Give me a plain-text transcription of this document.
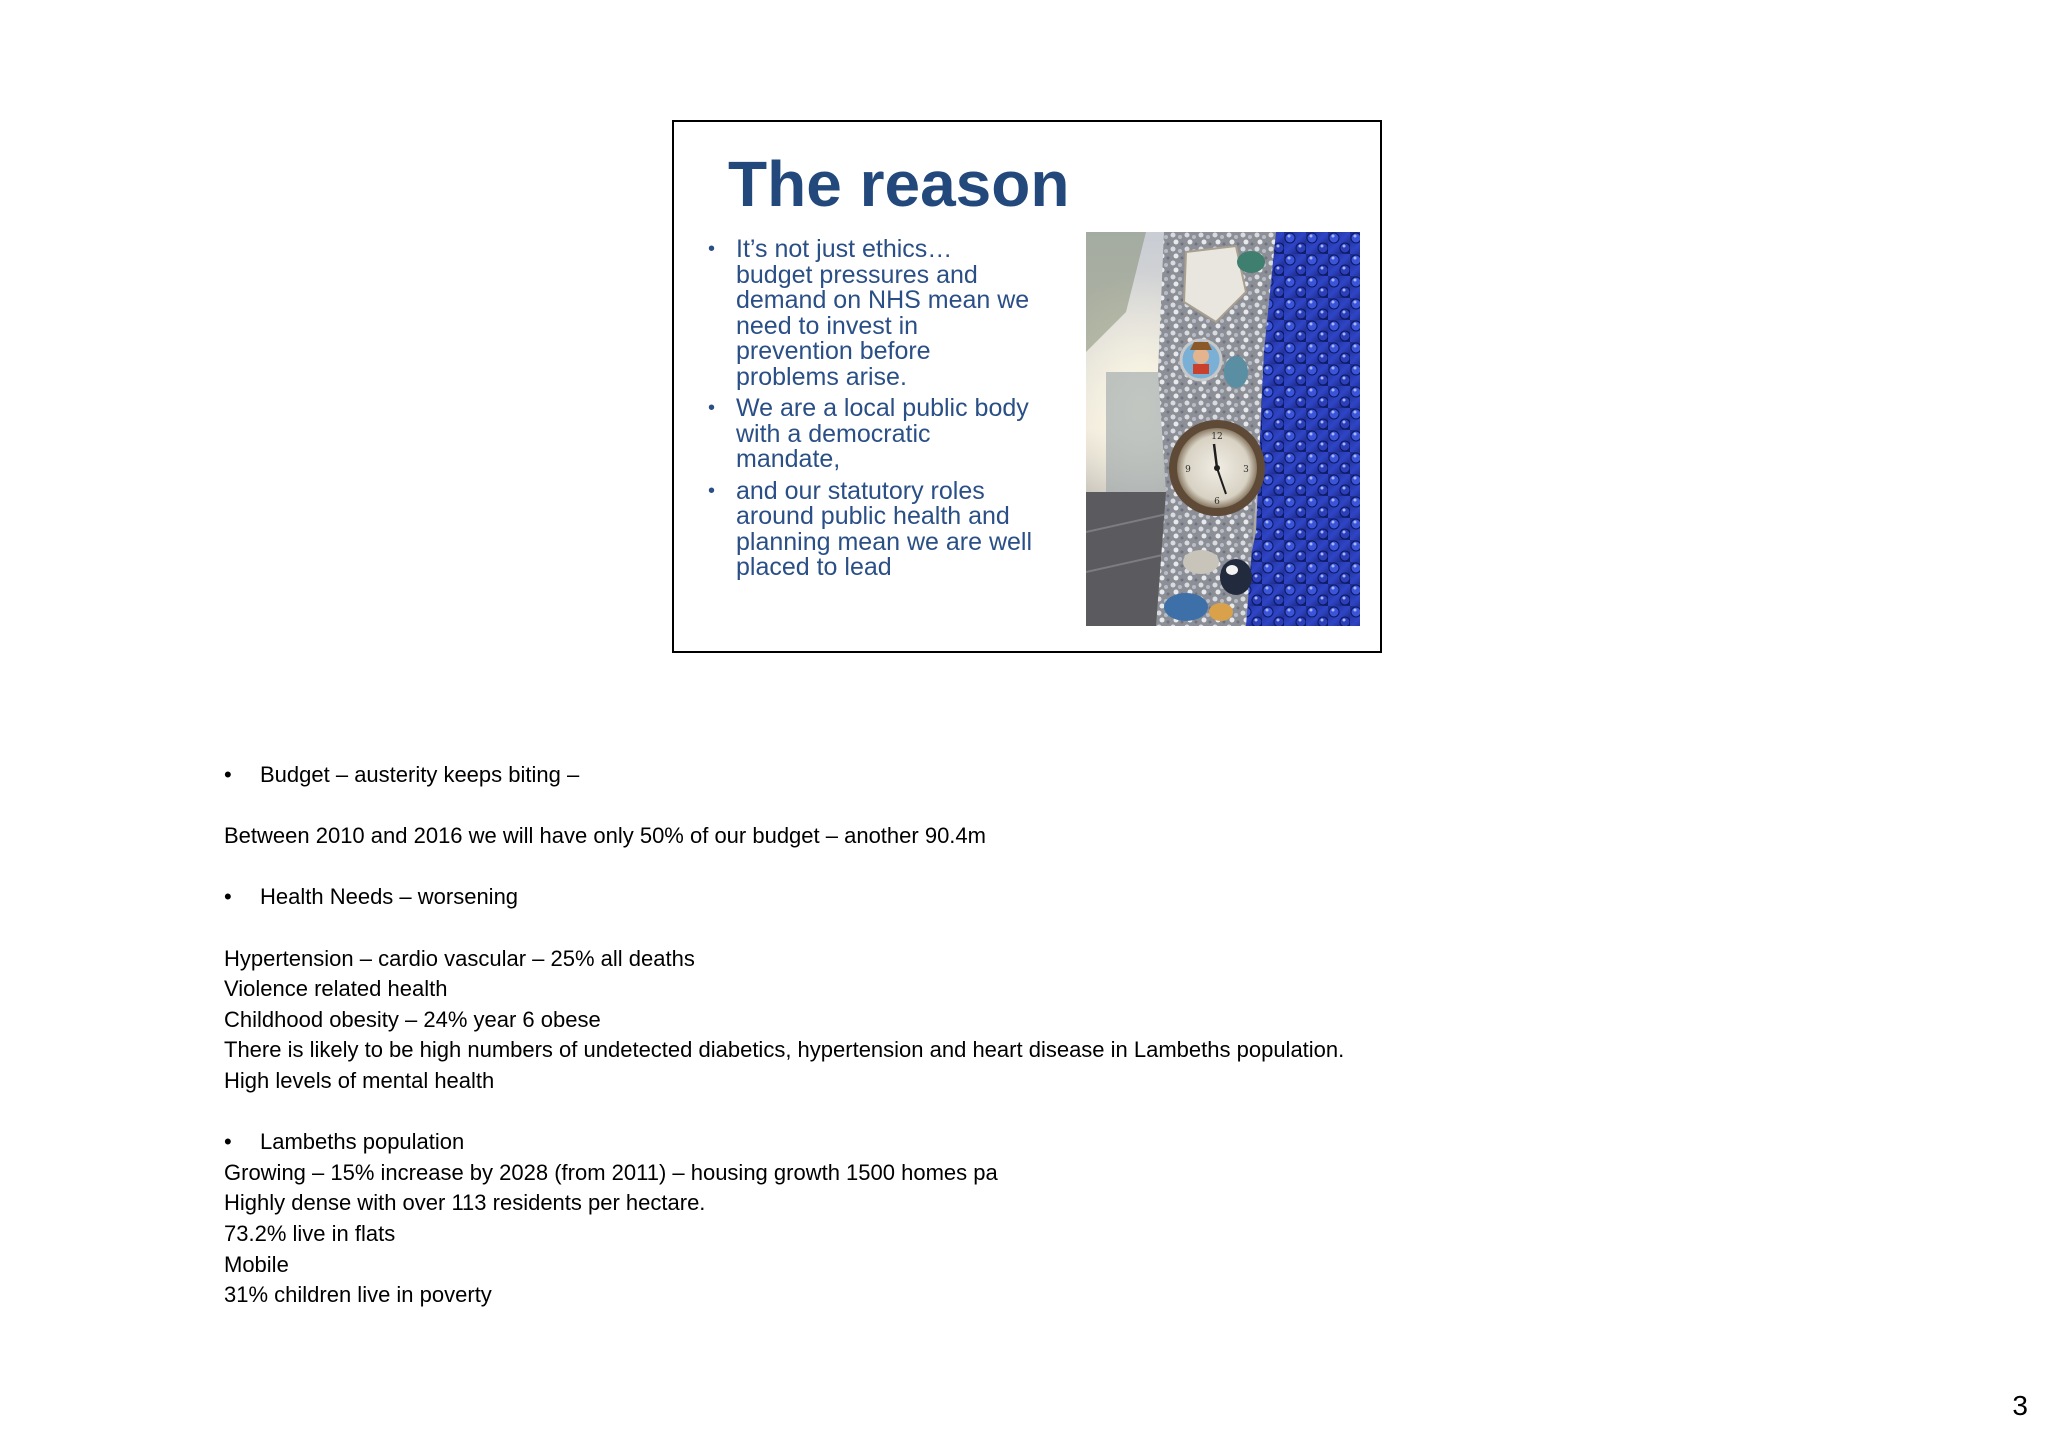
The reason
• It’s not just ethics…
budget pressures and
demand on NHS mean we
need to invest in
prevention before
problems arise.
• We are a local public body
with a democratic
mandate,
• and our statutory roles
around public health and
planning mean we are well
placed to lead
12
3
6
9
• Budget – austerity keeps biting –
Between 2010 and 2016 we will have only 50% of our budget – another 90.4m
• Health Needs – worsening
Hypertension – cardio vascular – 25% all deaths
Violence related health
Childhood obesity – 24% year 6 obese
There is likely to be high numbers of undetected diabetics, hypertension and heart disease in Lambeths population.
High levels of mental health
• Lambeths population
Growing – 15% increase by 2028 (from 2011) – housing growth 1500 homes pa
Highly dense with over 113 residents per hectare.
73.2% live in flats
Mobile
31% children live in poverty
3
